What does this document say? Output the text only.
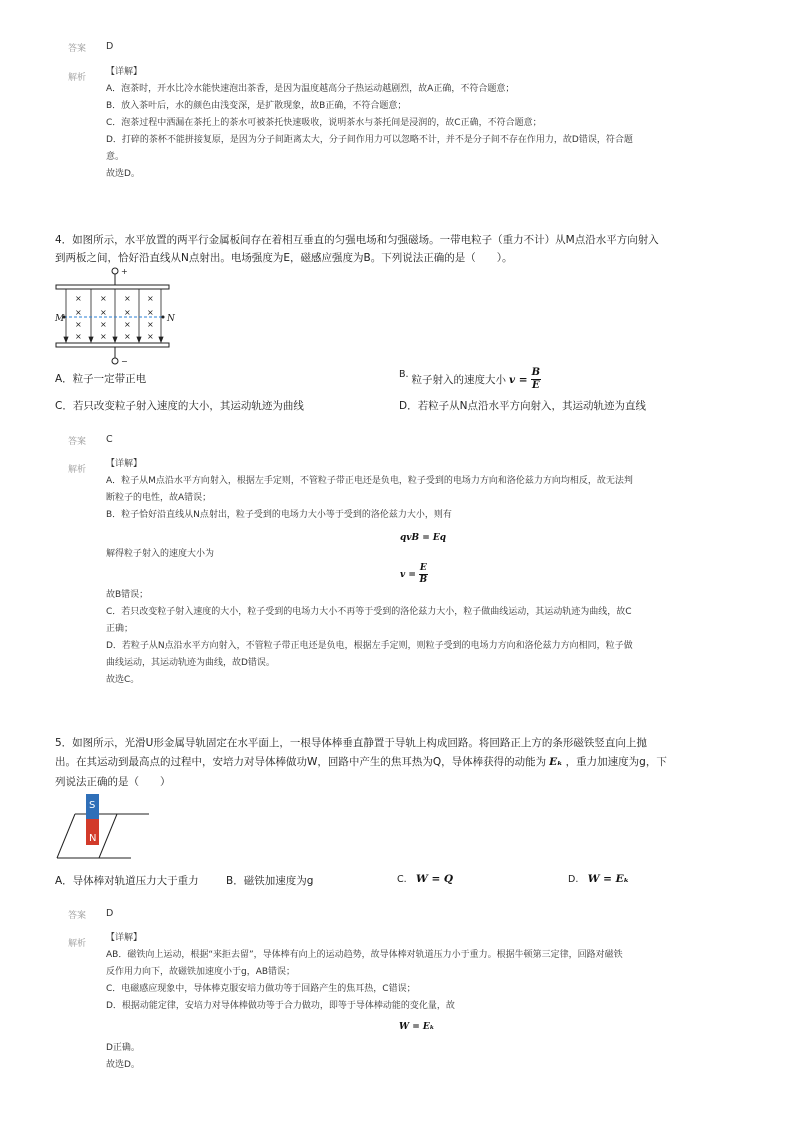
答案 D
解析
【详解】
A．泡茶时，开水比冷水能快速泡出茶香，是因为温度越高分子热运动越剧烈，故A正确，不符合题意；
B．放入茶叶后，水的颜色由浅变深，是扩散现象，故B正确，不符合题意；
C．泡茶过程中洒漏在茶托上的茶水可被茶托快速吸收，说明茶水与茶托间是浸润的，故C正确，不符合题意；
D．打碎的茶杯不能拼接复原，是因为分子间距离太大，分子间作用力可以忽略不计，并不是分子间不存在作用力，故D错误，符合题
意。
故选D。
4．如图所示，水平放置的两平行金属板间存在着相互垂直的匀强电场和匀强磁场。一带电粒子（重力不计）从M点沿水平方向射入
到两板之间，恰好沿直线从N点射出。电场强度为E，磁感应强度为B。下列说法正确的是（　　）。
+
−
× × × ×
× × × ×
× × × ×
× × × ×
M	N
A．粒子一定带正电	B. 粒子射入的速度大小 $v = \frac{B}{E}$
C．若只改变粒子射入速度的大小，其运动轨迹为曲线	D．若粒子从N点沿水平方向射入，其运动轨迹为直线
答案 C
解析
【详解】
A．粒子从M点沿水平方向射入，根据左手定则，不管粒子带正电还是负电，粒子受到的电场力方向和洛伦兹力方向均相反，故无法判
断粒子的电性，故A错误；
B．粒子恰好沿直线从N点射出，粒子受到的电场力大小等于受到的洛伦兹力大小，则有
qvB = Eq
解得粒子射入的速度大小为
$v = \frac{E}{B}$
故B错误；
C．若只改变粒子射入速度的大小，粒子受到的电场力大小不再等于受到的洛伦兹力大小，粒子做曲线运动，其运动轨迹为曲线，故C
正确；
D．若粒子从N点沿水平方向射入，不管粒子带正电还是负电，根据左手定则，则粒子受到的电场力方向和洛伦兹力方向相同，粒子做
曲线运动，其运动轨迹为曲线，故D错误。
故选C。
5．如图所示，光滑U形金属导轨固定在水平面上，一根导体棒垂直静置于导轨上构成回路。将回路正上方的条形磁铁竖直向上抛
出。在其运动到最高点的过程中，安培力对导体棒做功W，回路中产生的焦耳热为Q，导体棒获得的动能为 Eₖ ，重力加速度为g，下
列说法正确的是（　　）
S
N
A．导体棒对轨道压力大于重力	B．磁铁加速度为g	C. W = Q	D. W = Eₖ
答案 D
解析
【详解】
AB．磁铁向上运动，根据“来拒去留”，导体棒有向上的运动趋势，故导体棒对轨道压力小于重力。根据牛顿第三定律，回路对磁铁
反作用力向下，故磁铁加速度小于g，AB错误；
C．电磁感应现象中，导体棒克服安培力做功等于回路产生的焦耳热，C错误；
D．根据动能定律，安培力对导体棒做功等于合力做功，即等于导体棒动能的变化量，故
W = Eₖ
D正确。
故选D。
